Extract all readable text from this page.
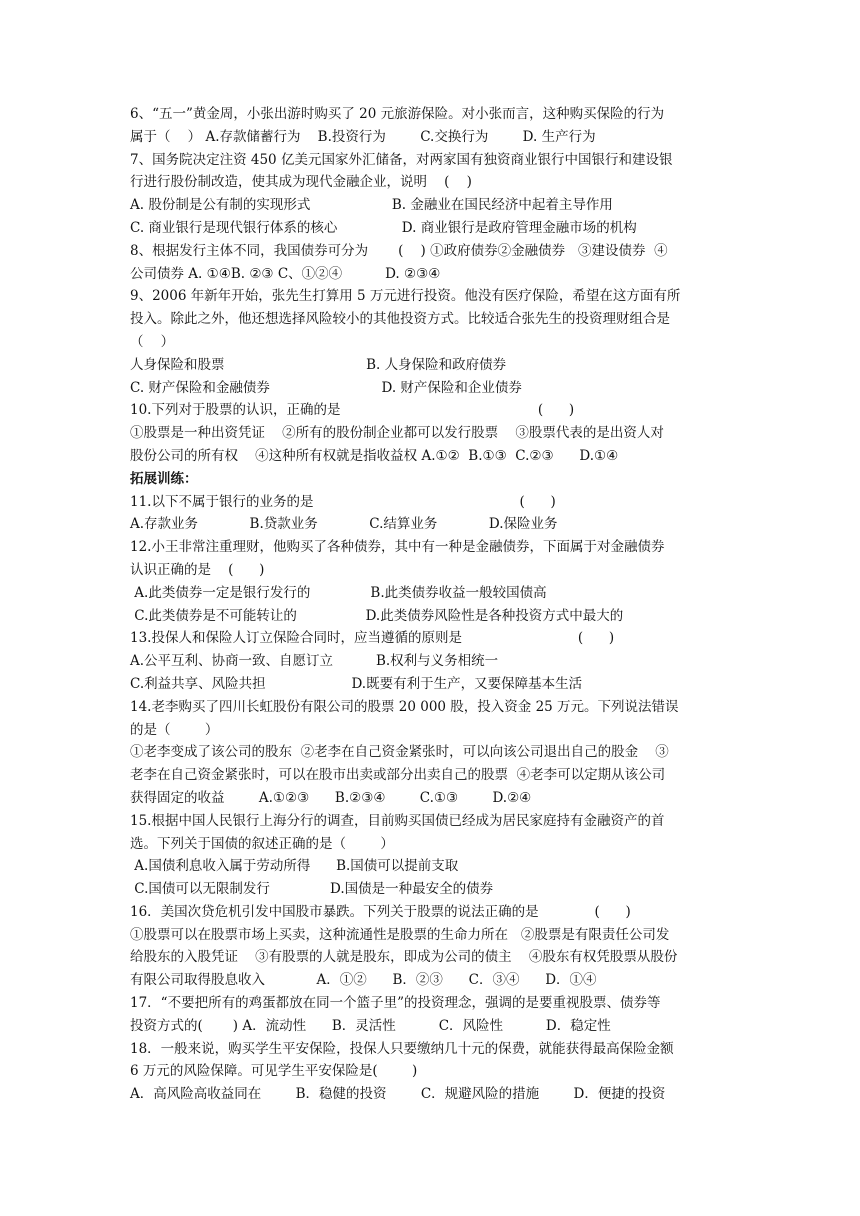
6、“五一”黄金周，小张出游时购买了 20 元旅游保险。对小张而言，这种购买保险的行为
属于（    ） A.存款储蓄行为    B.投资行为        C.交换行为        D. 生产行为
7、国务院决定注资 450 亿美元国家外汇储备，对两家国有独资商业银行中国银行和建设银
行进行股份制改造，使其成为现代金融企业，说明    (    )
A. 股份制是公有制的实现形式                   B. 金融业在国民经济中起着主导作用
C. 商业银行是现代银行体系的核心               D. 商业银行是政府管理金融市场的机构
8、根据发行主体不同，我国债券可分为       (    ) ①政府债券②金融债券   ③建设债券  ④
公司债券 A. ①④B. ②③ C、①②④          D. ②③④
9、2006 年新年开始，张先生打算用 5 万元进行投资。他没有医疗保险，希望在这方面有所
投入。除此之外，他还想选择风险较小的其他投资方式。比较适合张先生的投资理财组合是
（    ）
人身保险和股票                                 B. 人身保险和政府债券
C. 财产保险和金融债券                          D. 财产保险和企业债券
10.下列对于股票的认识，正确的是                                              (      )
①股票是一种出资凭证    ②所有的股份制企业都可以发行股票    ③股票代表的是出资人对
股份公司的所有权    ④这种所有权就是指收益权 A.①②  B.①③  C.②③      D.①④
拓展训练：
11.以下不属于银行的业务的是                                                (      )
A.存款业务            B.贷款业务            C.结算业务            D.保险业务
12.小王非常注重理财，他购买了各种债券，其中有一种是金融债券，下面属于对金融债券
认识正确的是    (      )
A.此类债券一定是银行发行的              B.此类债券收益一般较国债高
C.此类债券是不可能转让的                D.此类债券风险性是各种投资方式中最大的
13.投保人和保险人订立保险合同时，应当遵循的原则是                           (      )
A.公平互利、协商一致、自愿订立          B.权利与义务相统一
C.利益共享、风险共担                    D.既要有利于生产，又要保障基本生活
14.老李购买了四川长虹股份有限公司的股票 20 000 股，投入资金 25 万元。下列说法错误
的是（        ）
①老李变成了该公司的股东  ②老李在自己资金紧张时，可以向该公司退出自己的股金    ③
老李在自己资金紧张时，可以在股市出卖或部分出卖自己的股票  ④老李可以定期从该公司
获得固定的收益        A.①②③      B.②③④        C.①③        D.②④
15.根据中国人民银行上海分行的调查，目前购买国债已经成为居民家庭持有金融资产的首
选。下列关于国债的叙述正确的是（        ）
A.国债利息收入属于劳动所得      B.国债可以提前支取
C.国债可以无限制发行              D.国债是一种最安全的债券
16．美国次贷危机引发中国股市暴跌。下列关于股票的说法正确的是             (      )
①股票可以在股票市场上买卖，这种流通性是股票的生命力所在   ②股票是有限责任公司发
给股东的入股凭证    ③有股票的人就是股东，即成为公司的债主    ④股东有权凭股票从股份
有限公司取得股息收入            A．①②      B．②③      C．③④      D．①④
17．“不要把所有的鸡蛋都放在同一个篮子里”的投资理念，强调的是要重视股票、债券等
投资方式的(       ) A．流动性      B．灵活性          C．风险性          D．稳定性
18．一般来说，购买学生平安保险，投保人只要缴纳几十元的保费，就能获得最高保险金额
6 万元的风险保障。可见学生平安保险是(        )
A．高风险高收益同在        B．稳健的投资        C．规避风险的措施        D．便捷的投资
